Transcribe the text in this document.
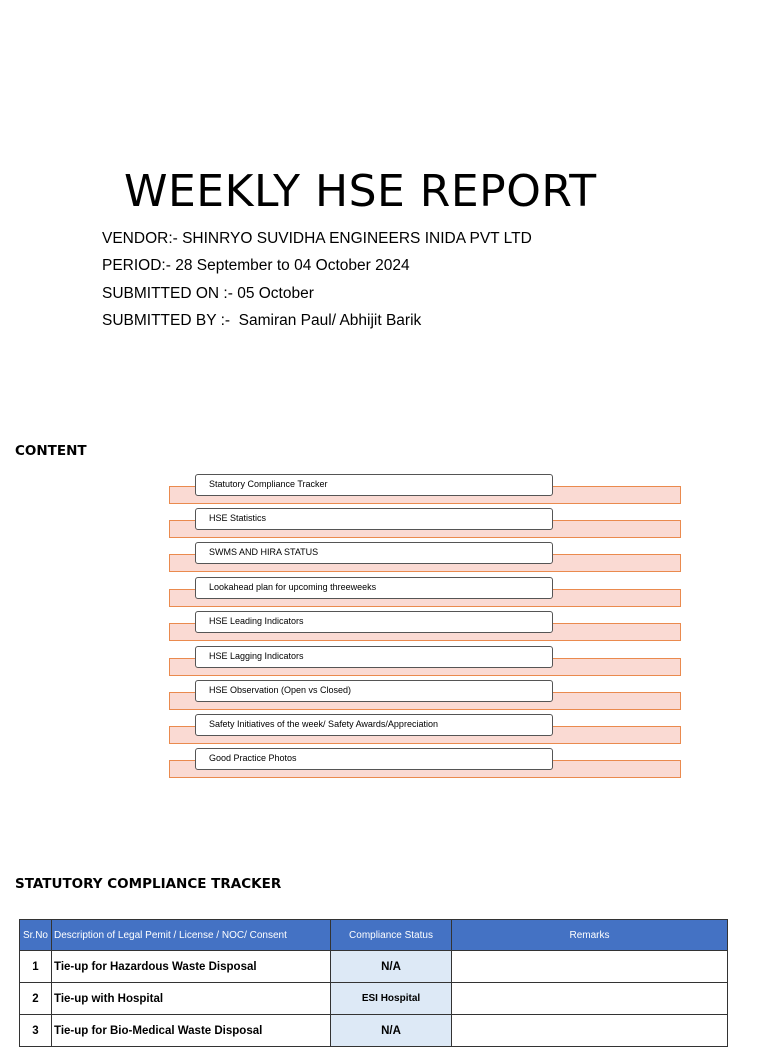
WEEKLY HSE REPORT
VENDOR:- SHINRYO SUVIDHA ENGINEERS INIDA PVT LTD
PERIOD:- 28 September to 04 October 2024
SUBMITTED ON :- 05 October
SUBMITTED BY :-  Samiran Paul/ Abhijit Barik
CONTENT
Statutory Compliance Tracker
HSE Statistics
SWMS AND HIRA STATUS
Lookahead plan for upcoming threeweeks
HSE Leading Indicators
HSE Lagging Indicators
HSE Observation (Open vs Closed)
Safety Initiatives of the week/ Safety Awards/Appreciation
Good Practice Photos
STATUTORY COMPLIANCE TRACKER
Sr.No	Description of Legal Pemit / License / NOC/ Consent	Compliance Status	Remarks
1	Tie-up for Hazardous Waste Disposal	N/A	
2	Tie-up with Hospital	ESI Hospital	
3	Tie-up for Bio-Medical Waste Disposal	N/A	
